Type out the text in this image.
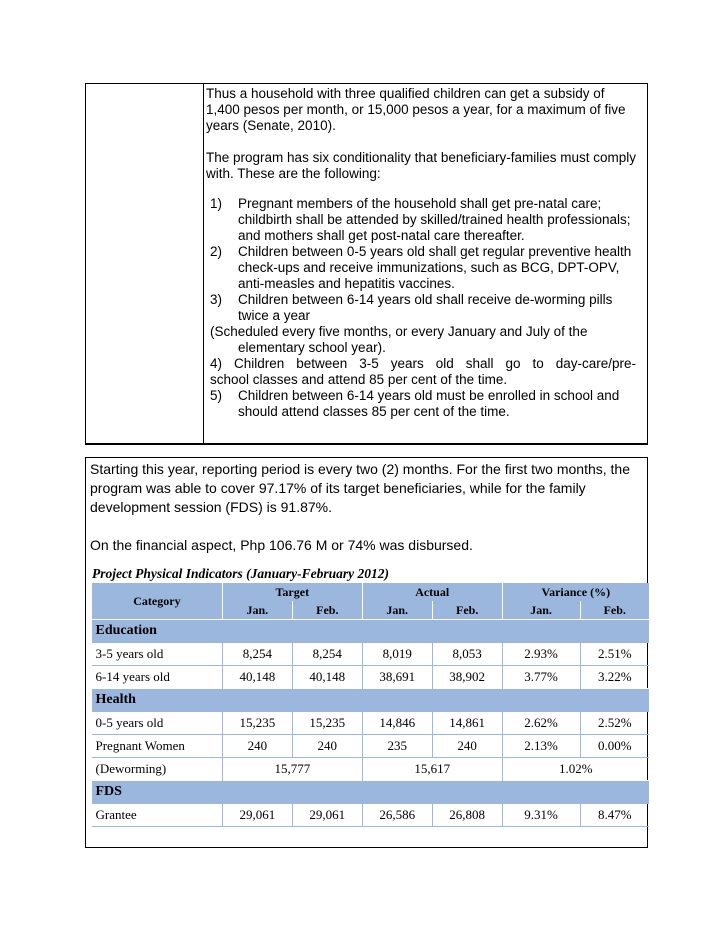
Thus a household with three qualified children can get a subsidy of 1,400 pesos per month, or 15,000 pesos a year, for a maximum of five years (Senate, 2010).

The program has six conditionality that beneficiary-families must comply with. These are the following:

1)	Pregnant members of the household shall get pre-natal care; childbirth shall be attended by skilled/trained health professionals; and mothers shall get post-natal care thereafter.
2)	Children between 0-5 years old shall get regular preventive health check-ups and receive immunizations, such as BCG, DPT-OPV, anti-measles and hepatitis vaccines.
3)	Children between 6-14 years old shall receive de-worming pills twice a year
(Scheduled every five months, or every January and July of the
elementary school year).
4) Children between 3-5 years old shall go to day-care/pre-
school classes and attend 85 per cent of the time.
5)	Children between 6-14 years old must be enrolled in school and should attend classes 85 per cent of the time.

Starting this year, reporting period is every two (2) months. For the first two months, the program was able to cover 97.17% of its target beneficiaries, while for the family development session (FDS) is 91.87%.

On the financial aspect, Php 106.76 M or 74% was disbursed.

Project Physical Indicators (January-February 2012)
Category	Target		Actual		Variance (%)	
	Jan.	Feb.	Jan.	Feb.	Jan.	Feb.
Education						
3-5 years old	8,254	8,254	8,019	8,053	2.93%	2.51%
6-14 years old	40,148	40,148	38,691	38,902	3.77%	3.22%
Health						
0-5 years old	15,235	15,235	14,846	14,861	2.62%	2.52%
Pregnant Women	240	240	235	240	2.13%	0.00%
(Deworming)	15,777		15,617		1.02%	
FDS						
Grantee	29,061	29,061	26,586	26,808	9.31%	8.47%
